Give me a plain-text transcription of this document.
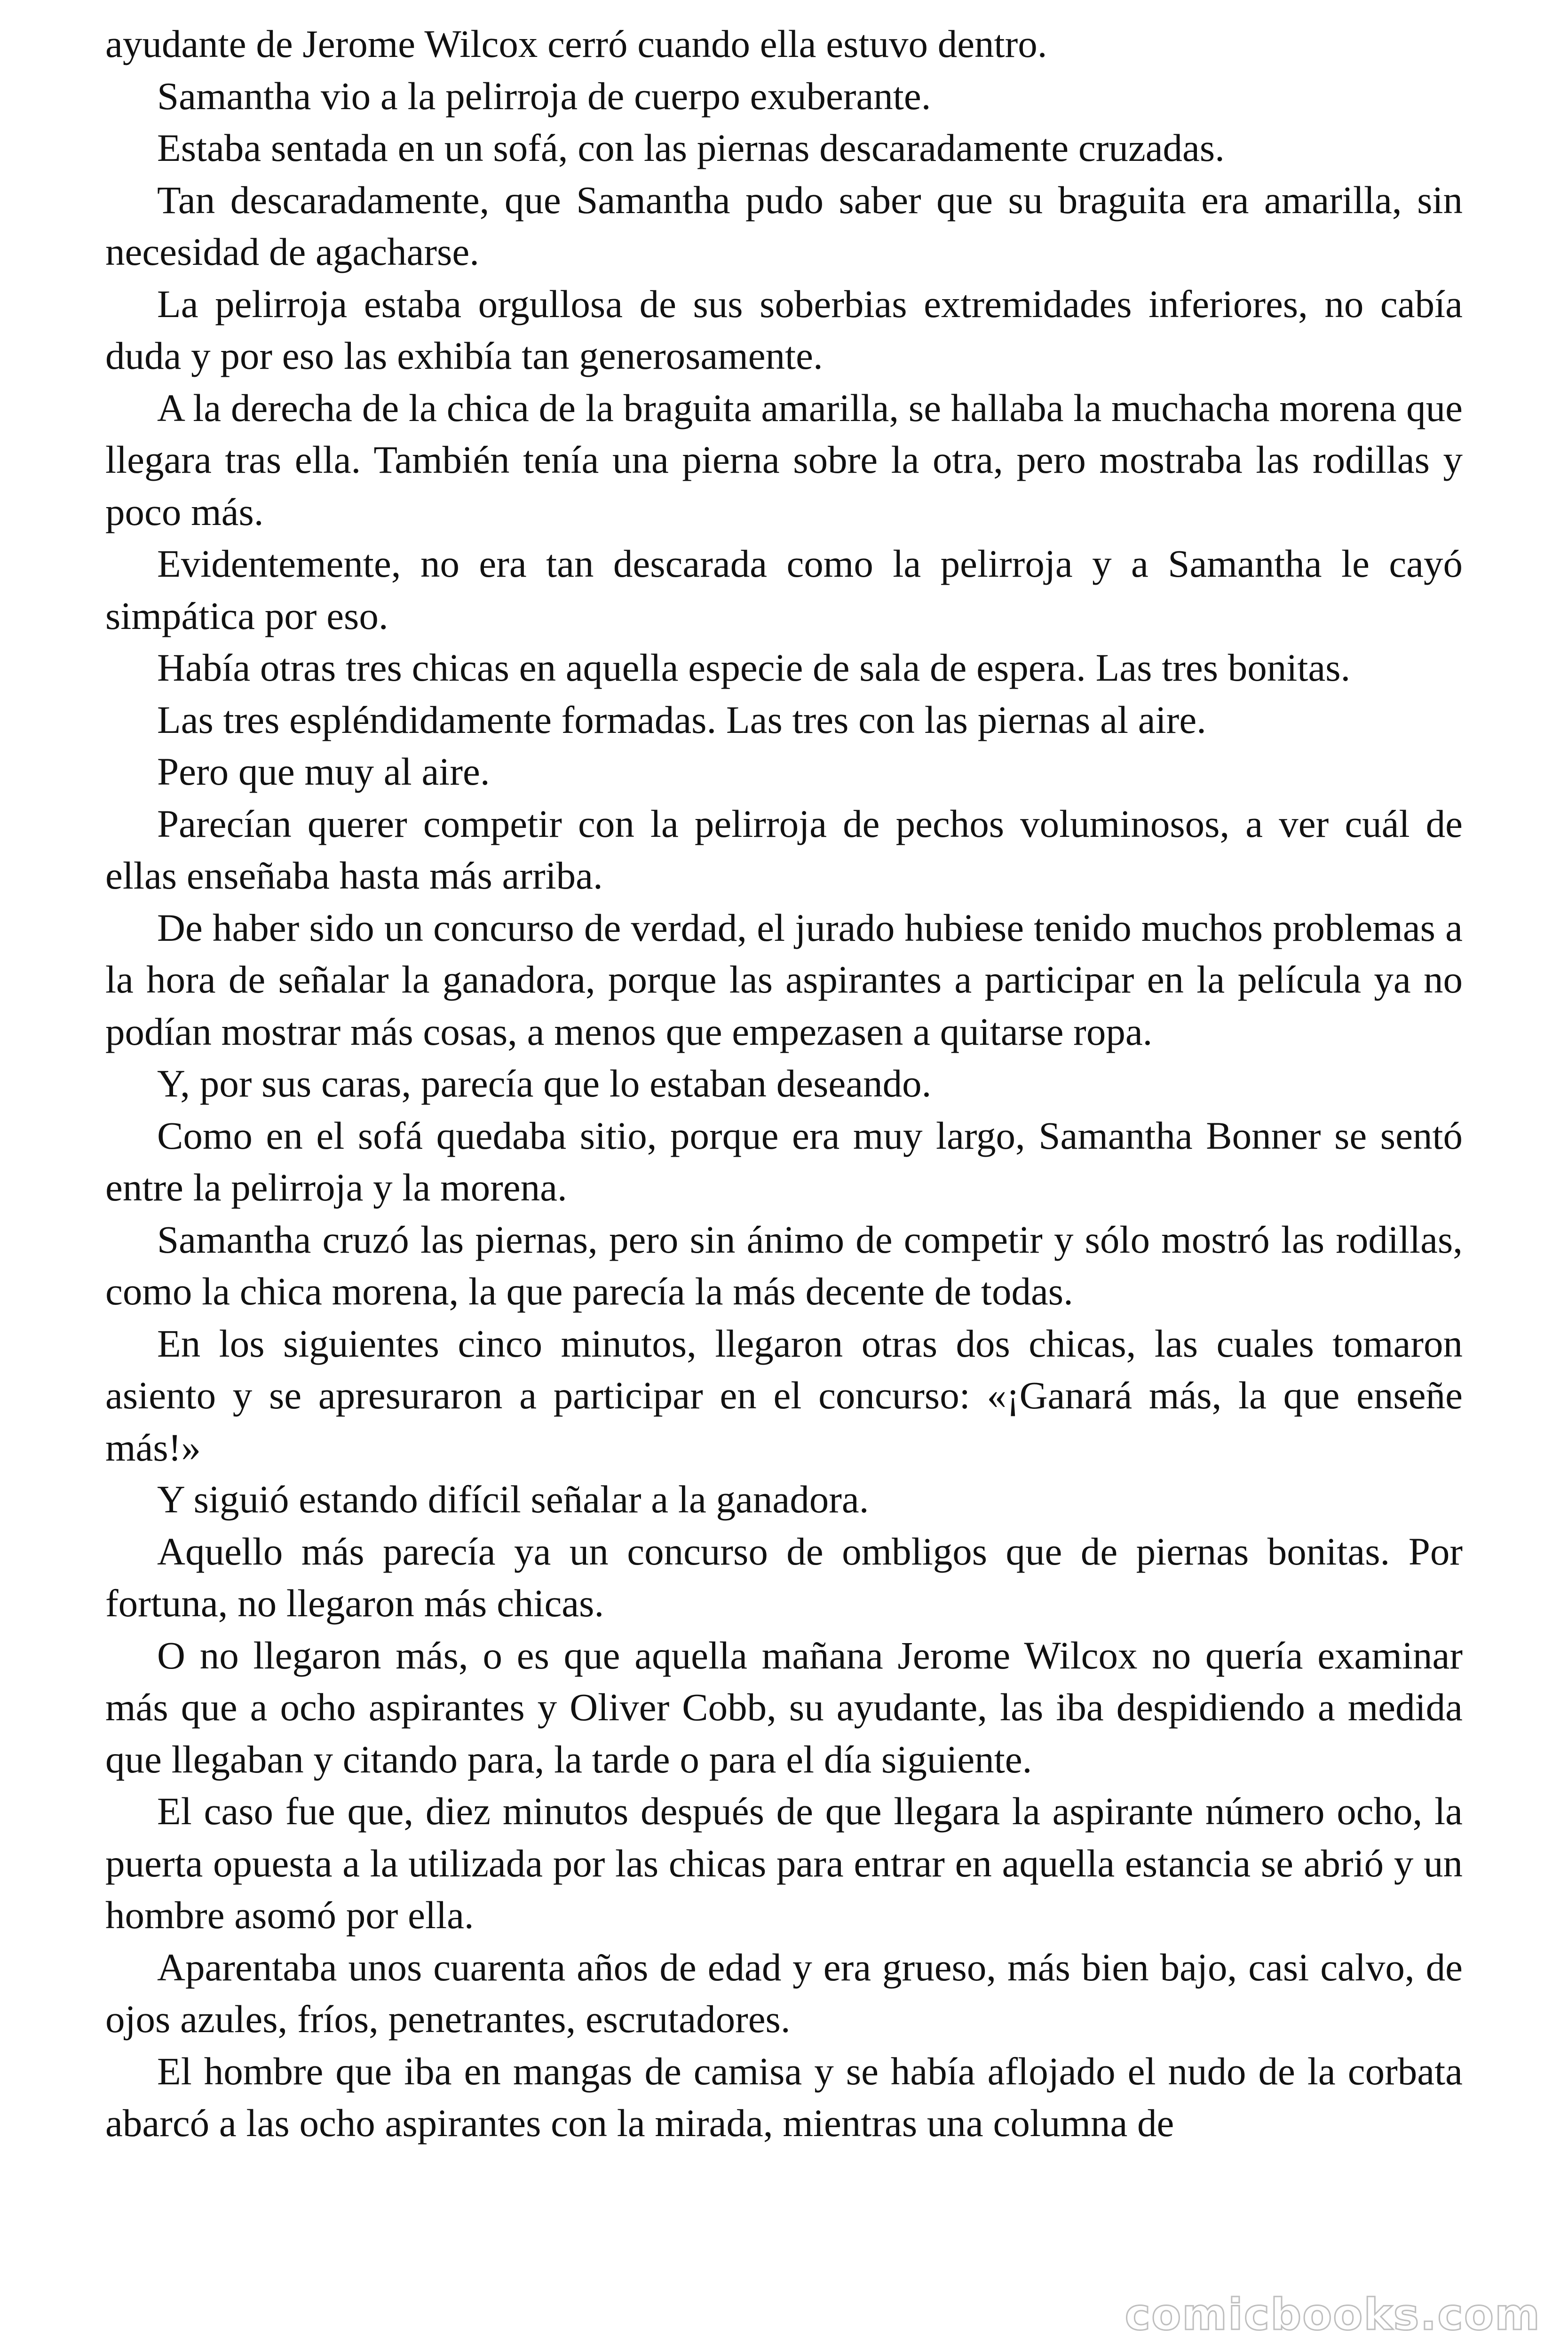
ayudante de Jerome Wilcox cerró cuando ella estuvo dentro.

Samantha vio a la pelirroja de cuerpo exuberante.

Estaba sentada en un sofá, con las piernas descaradamente cruzadas.

Tan descaradamente, que Samantha pudo saber que su braguita era amarilla, sin necesidad de agacharse.

La pelirroja estaba orgullosa de sus soberbias extremidades inferiores, no cabía duda y por eso las exhibía tan generosamente.

A la derecha de la chica de la braguita amarilla, se hallaba la muchacha morena que llegara tras ella. También tenía una pierna sobre la otra, pero mostraba las rodillas y poco más.

Evidentemente, no era tan descarada como la pelirroja y a Samantha le cayó simpática por eso.

Había otras tres chicas en aquella especie de sala de espera. Las tres bonitas.

Las tres espléndidamente formadas. Las tres con las piernas al aire.

Pero que muy al aire.

Parecían querer competir con la pelirroja de pechos voluminosos, a ver cuál de ellas enseñaba hasta más arriba.

De haber sido un concurso de verdad, el jurado hubiese tenido muchos problemas a la hora de señalar la ganadora, porque las aspirantes a participar en la película ya no podían mostrar más cosas, a menos que empezasen a quitarse ropa.

Y, por sus caras, parecía que lo estaban deseando.

Como en el sofá quedaba sitio, porque era muy largo, Samantha Bonner se sentó entre la pelirroja y la morena.

Samantha cruzó las piernas, pero sin ánimo de competir y sólo mostró las rodillas, como la chica morena, la que parecía la más decente de todas.

En los siguientes cinco minutos, llegaron otras dos chicas, las cuales tomaron asiento y se apresuraron a participar en el concurso: «¡Ganará más, la que enseñe más!»

Y siguió estando difícil señalar a la ganadora.

Aquello más parecía ya un concurso de ombligos que de piernas bonitas. Por fortuna, no llegaron más chicas.

O no llegaron más, o es que aquella mañana Jerome Wilcox no quería examinar más que a ocho aspirantes y Oliver Cobb, su ayudante, las iba despidiendo a medida que llegaban y citando para, la tarde o para el día siguiente.

El caso fue que, diez minutos después de que llegara la aspirante número ocho, la puerta opuesta a la utilizada por las chicas para entrar en aquella estancia se abrió y un hombre asomó por ella.

Aparentaba unos cuarenta años de edad y era grueso, más bien bajo, casi calvo, de ojos azules, fríos, penetrantes, escrutadores.

El hombre que iba en mangas de camisa y se había aflojado el nudo de la corbata abarcó a las ocho aspirantes con la mirada, mientras una columna de

comicbooks.com
